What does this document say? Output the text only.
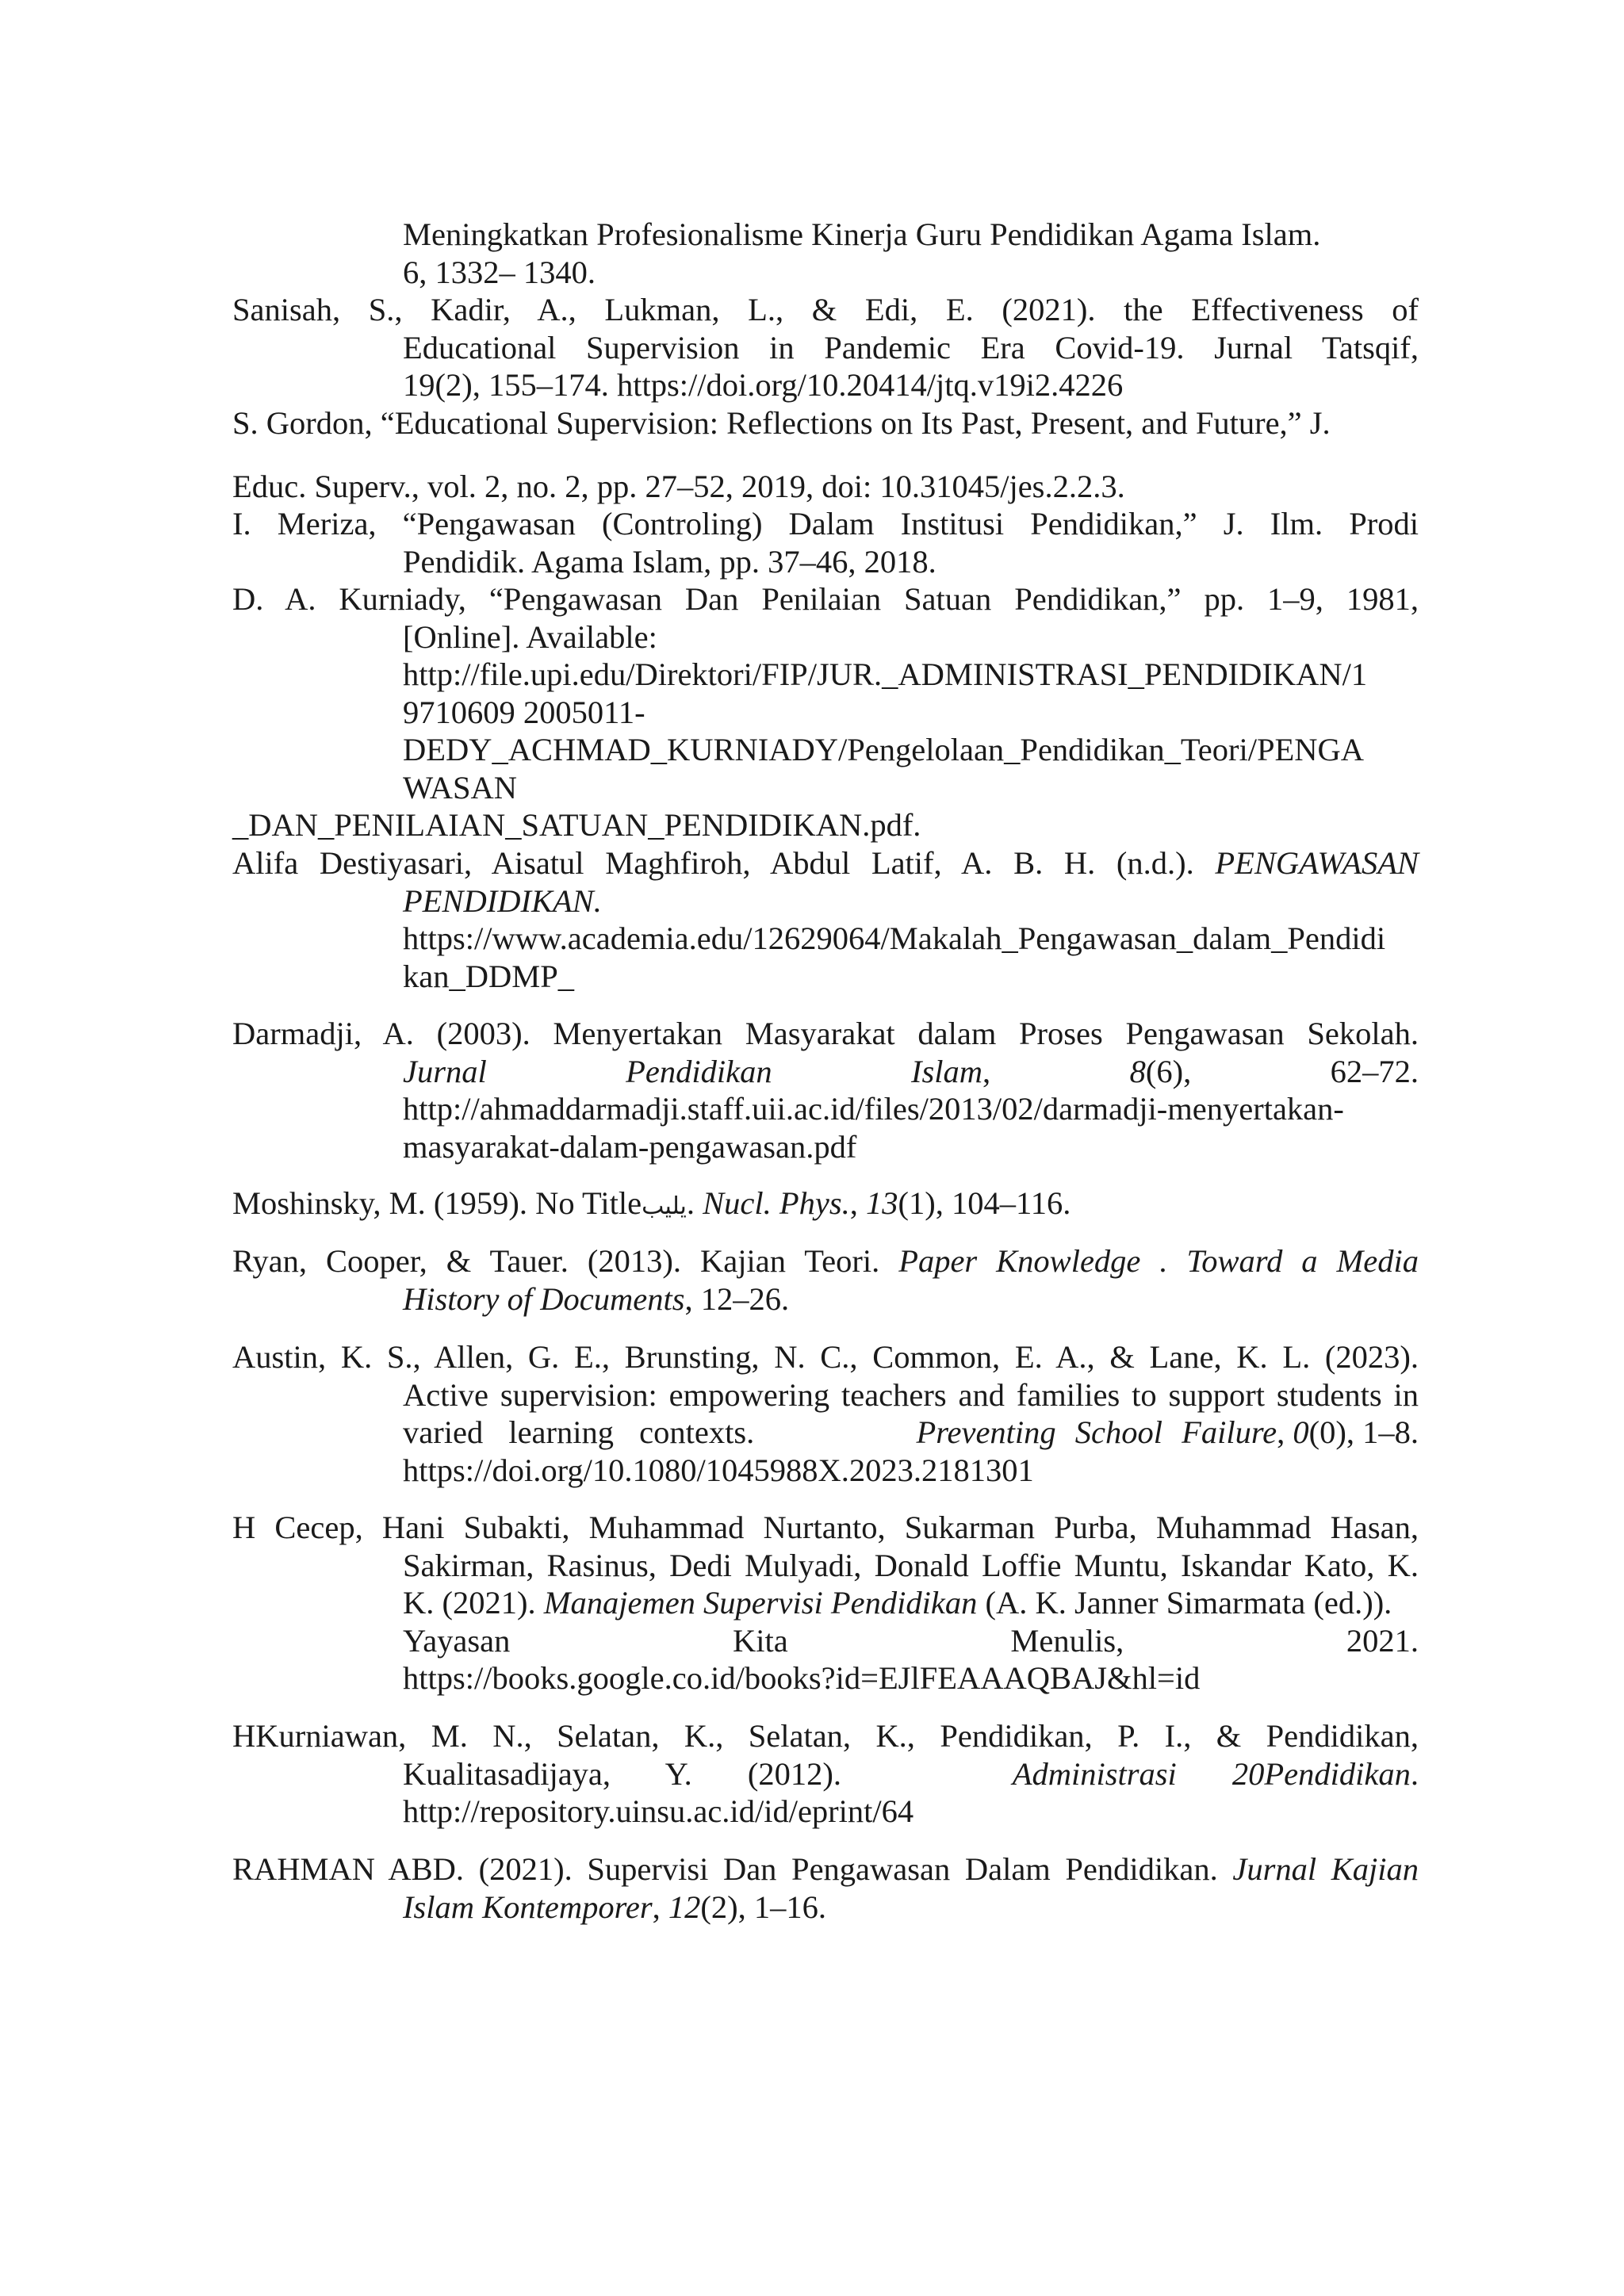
Meningkatkan Profesionalisme Kinerja Guru Pendidikan Agama Islam.
6, 1332– 1340.
Sanisah, S., Kadir, A., Lukman, L., & Edi, E. (2021). the Effectiveness of
Educational Supervision in Pandemic Era Covid-19. Jurnal Tatsqif,
19(2), 155–174. https://doi.org/10.20414/jtq.v19i2.4226
S. Gordon, “Educational Supervision: Reflections on Its Past, Present, and Future,” J.
Educ. Superv., vol. 2, no. 2, pp. 27–52, 2019, doi: 10.31045/jes.2.2.3.
I. Meriza, “Pengawasan (Controling) Dalam Institusi Pendidikan,” J. Ilm. Prodi
Pendidik. Agama Islam, pp. 37–46, 2018.
D. A. Kurniady, “Pengawasan Dan Penilaian Satuan Pendidikan,” pp. 1–9, 1981,
[Online]. Available:
http://file.upi.edu/Direktori/FIP/JUR._ADMINISTRASI_PENDIDIKAN/1
9710609 2005011-
DEDY_ACHMAD_KURNIADY/Pengelolaan_Pendidikan_Teori/PENGA
WASAN
_DAN_PENILAIAN_SATUAN_PENDIDIKAN.pdf.
Alifa Destiyasari, Aisatul Maghfiroh, Abdul Latif, A. B. H. (n.d.). PENGAWASAN
PENDIDIKAN.
https://www.academia.edu/12629064/Makalah_Pengawasan_dalam_Pendidi
kan_DDMP_
Darmadji, A. (2003). Menyertakan Masyarakat dalam Proses Pengawasan Sekolah.
Jurnal	Pendidikan	Islam,	8(6),	62–72.
http://ahmaddarmadji.staff.uii.ac.id/files/2013/02/darmadji-menyertakan-
masyarakat-dalam-pengawasan.pdf
Moshinsky, M. (1959). No Titleيليب. Nucl. Phys., 13(1), 104–116.
Ryan, Cooper, & Tauer. (2013). Kajian Teori. Paper Knowledge . Toward a Media
History of Documents, 12–26.
Austin, K. S., Allen, G. E., Brunsting, N. C., Common, E. A., & Lane, K. L. (2023).
Active supervision: empowering teachers and families to support students in
varied learning contexts.	Preventing School Failure, 0(0), 1–8.
https://doi.org/10.1080/1045988X.2023.2181301
H Cecep, Hani Subakti, Muhammad Nurtanto, Sukarman Purba, Muhammad Hasan,
Sakirman, Rasinus, Dedi Mulyadi, Donald Loffie Muntu, Iskandar Kato, K.
K. (2021). Manajemen Supervisi Pendidikan (A. K. Janner Simarmata (ed.)).
Yayasan Kita Menulis, 2021.
https://books.google.co.id/books?id=EJlFEAAAQBAJ&hl=id
HKurniawan, M. N., Selatan, K., Selatan, K., Pendidikan, P. I., & Pendidikan,
Kualitasadijaya, Y. (2012).	Administrasi 20Pendidikan.
http://repository.uinsu.ac.id/id/eprint/64
RAHMAN ABD. (2021). Supervisi Dan Pengawasan Dalam Pendidikan. Jurnal Kajian
Islam Kontemporer, 12(2), 1–16.
